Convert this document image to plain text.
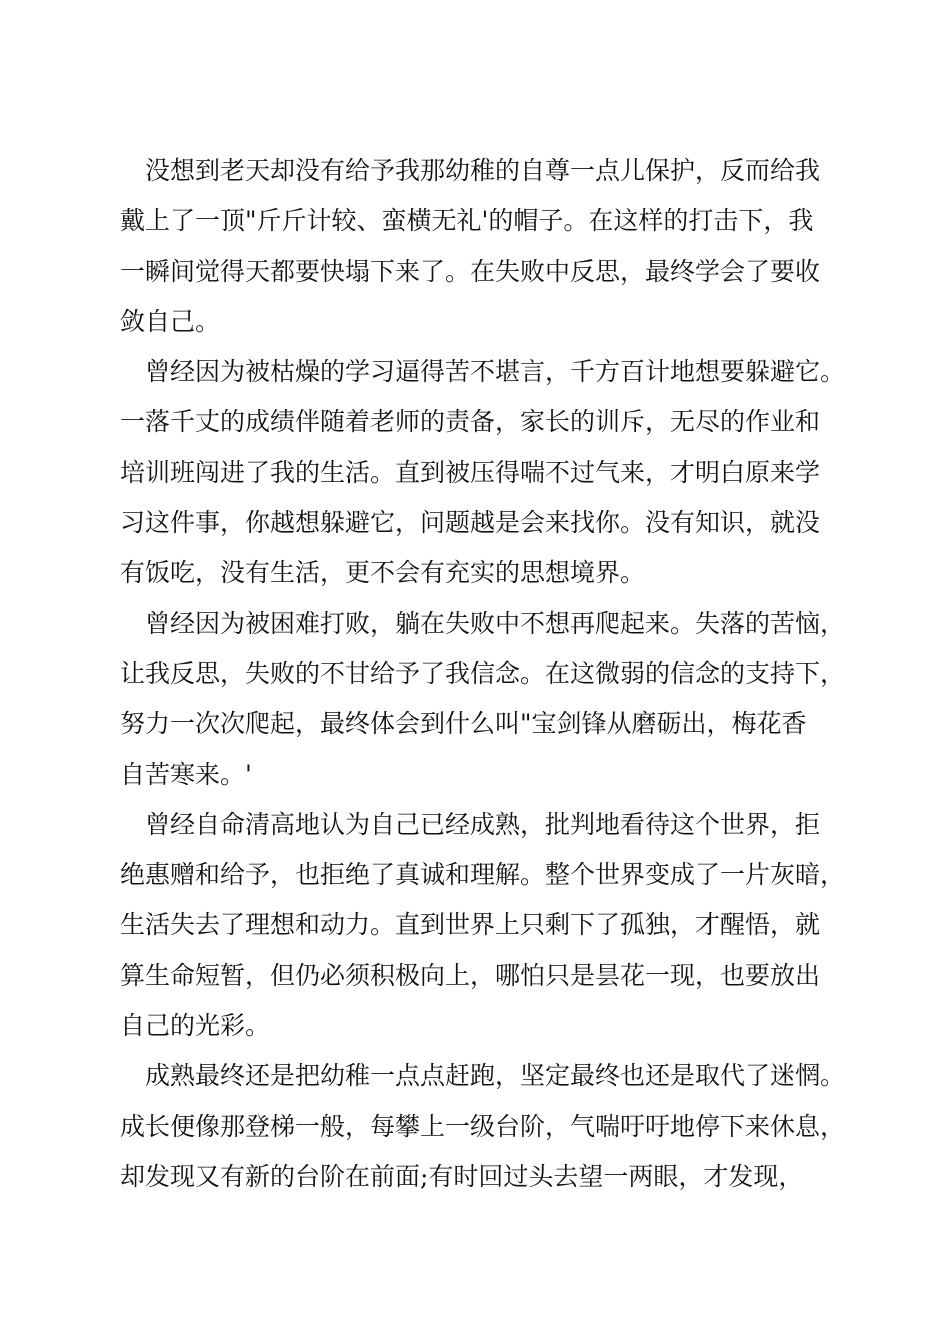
没想到老天却没有给予我那幼稚的自尊一点儿保护，反而给我
戴上了一顶"斤斤计较、蛮横无礼'的帽子。在这样的打击下，我
一瞬间觉得天都要快塌下来了。在失败中反思，最终学会了要收
敛自己。
曾经因为被枯燥的学习逼得苦不堪言，千方百计地想要躲避它。
一落千丈的成绩伴随着老师的责备，家长的训斥，无尽的作业和
培训班闯进了我的生活。直到被压得喘不过气来，才明白原来学
习这件事，你越想躲避它，问题越是会来找你。没有知识，就没
有饭吃，没有生活，更不会有充实的思想境界。
曾经因为被困难打败，躺在失败中不想再爬起来。失落的苦恼，
让我反思，失败的不甘给予了我信念。在这微弱的信念的支持下，
努力一次次爬起，最终体会到什么叫"宝剑锋从磨砺出，梅花香
自苦寒来。'
曾经自命清高地认为自己已经成熟，批判地看待这个世界，拒
绝惠赠和给予，也拒绝了真诚和理解。整个世界变成了一片灰暗，
生活失去了理想和动力。直到世界上只剩下了孤独，才醒悟，就
算生命短暂，但仍必须积极向上，哪怕只是昙花一现，也要放出
自己的光彩。
成熟最终还是把幼稚一点点赶跑，坚定最终也还是取代了迷惘。
成长便像那登梯一般，每攀上一级台阶，气喘吁吁地停下来休息，
却发现又有新的台阶在前面;有时回过头去望一两眼，才发现，
